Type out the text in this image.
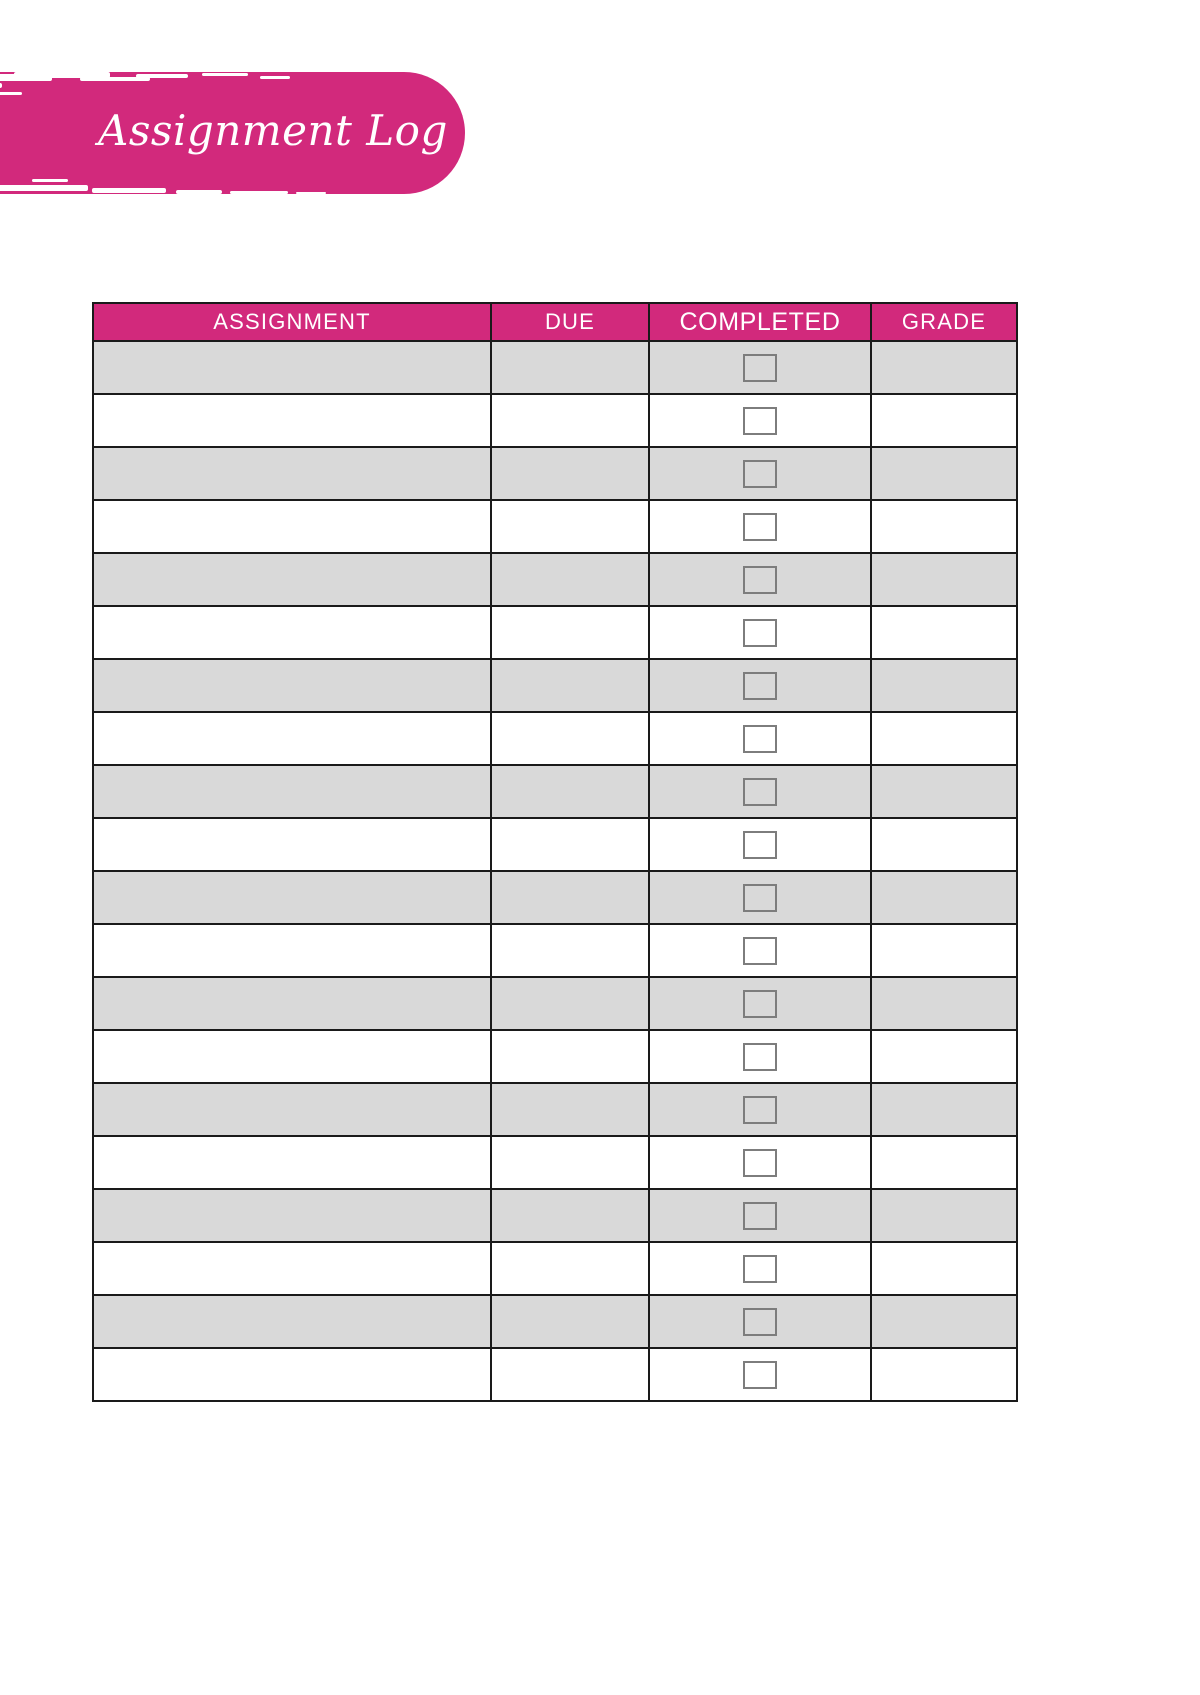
Assignment Log
ASSIGNMENT	DUE	COMPLETED	GRADE
